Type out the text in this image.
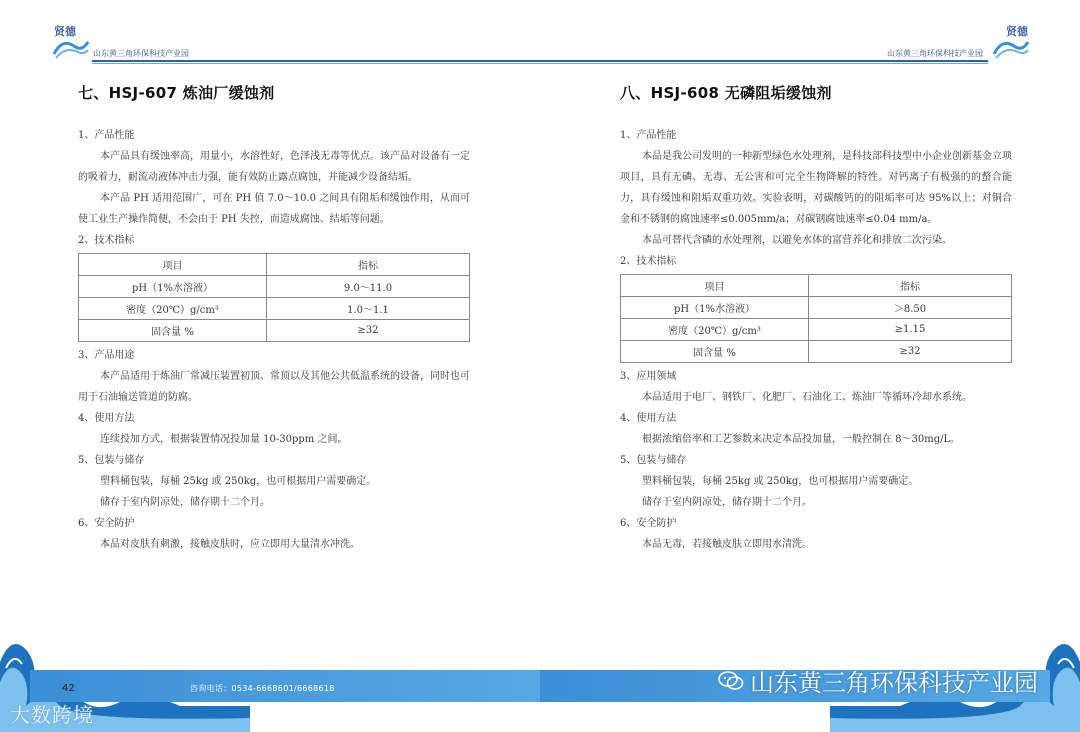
贤德
山东黄三角环保科技产业园
七、HSJ-607 炼油厂缓蚀剂
1、产品性能
本产品具有缓蚀率高，用量小，水溶性好，色泽浅无毒等优点。该产品对设备有一定的吸着力，耐流动液体冲击力强，能有效防止露点腐蚀，并能减少设备结垢。
本产品 PH 适用范围广，可在 PH 值 7.0～10.0 之间具有阻垢和缓蚀作用，从而可使工业生产操作简便，不会由于 PH 失控，而造成腐蚀、结垢等问题。
2、技术指标
项目	指标
pH（1%水溶液）	9.0～11.0
密度（20℃）g/cm³	1.0～1.1
固含量 %	≥32
3、产品用途
本产品适用于炼油厂常减压装置初顶、常顶以及其他公共低温系统的设备，同时也可用于石油输送管道的防腐。
4、使用方法
连续投加方式，根据装置情况投加量 10-30ppm 之间。
5、包装与储存
塑料桶包装，每桶 25kg 或 250kg，也可根据用户需要确定。
储存于室内阴凉处，储存期十二个月。
6、安全防护
本品对皮肤有刺激，接触皮肤时，应立即用大量清水冲洗。
42	咨询电话：0534-6668601/6668618
大数跨境
贤德
山东黄三角环保科技产业园
八、HSJ-608 无磷阻垢缓蚀剂
1、产品性能
本品是我公司发明的一种新型绿色水处理剂，是科技部科技型中小企业创新基金立项项目，具有无磷、无毒、无公害和可完全生物降解的特性。对钙离子有极强的的螯合能力，具有缓蚀和阻垢双重功效。实验表明，对碳酸钙的的阻垢率可达 95%以上；对铜合金和不锈钢的腐蚀速率≤0.005mm/a；对碳钢腐蚀速率≤0.04 mm/a。
本品可替代含磷的水处理剂，以避免水体的富营养化和排放二次污染。
2、技术指标
项目	指标
pH（1%水溶液）	＞8.50
密度（20℃）g/cm³	≥1.15
固含量 %	≥32
3、应用领域
本品适用于电厂、钢铁厂、化肥厂、石油化工、炼油厂等循环冷却水系统。
4、使用方法
根据浓缩倍率和工艺参数来决定本品投加量，一般控制在 8～30mg/L。
5、包装与储存
塑料桶包装，每桶 25kg 或 250kg，也可根据用户需要确定。
储存于室内阴凉处，储存期十二个月。
6、安全防护
本品无毒，若接触皮肤立即用水清洗。
山东黄三角环保科技产业园
